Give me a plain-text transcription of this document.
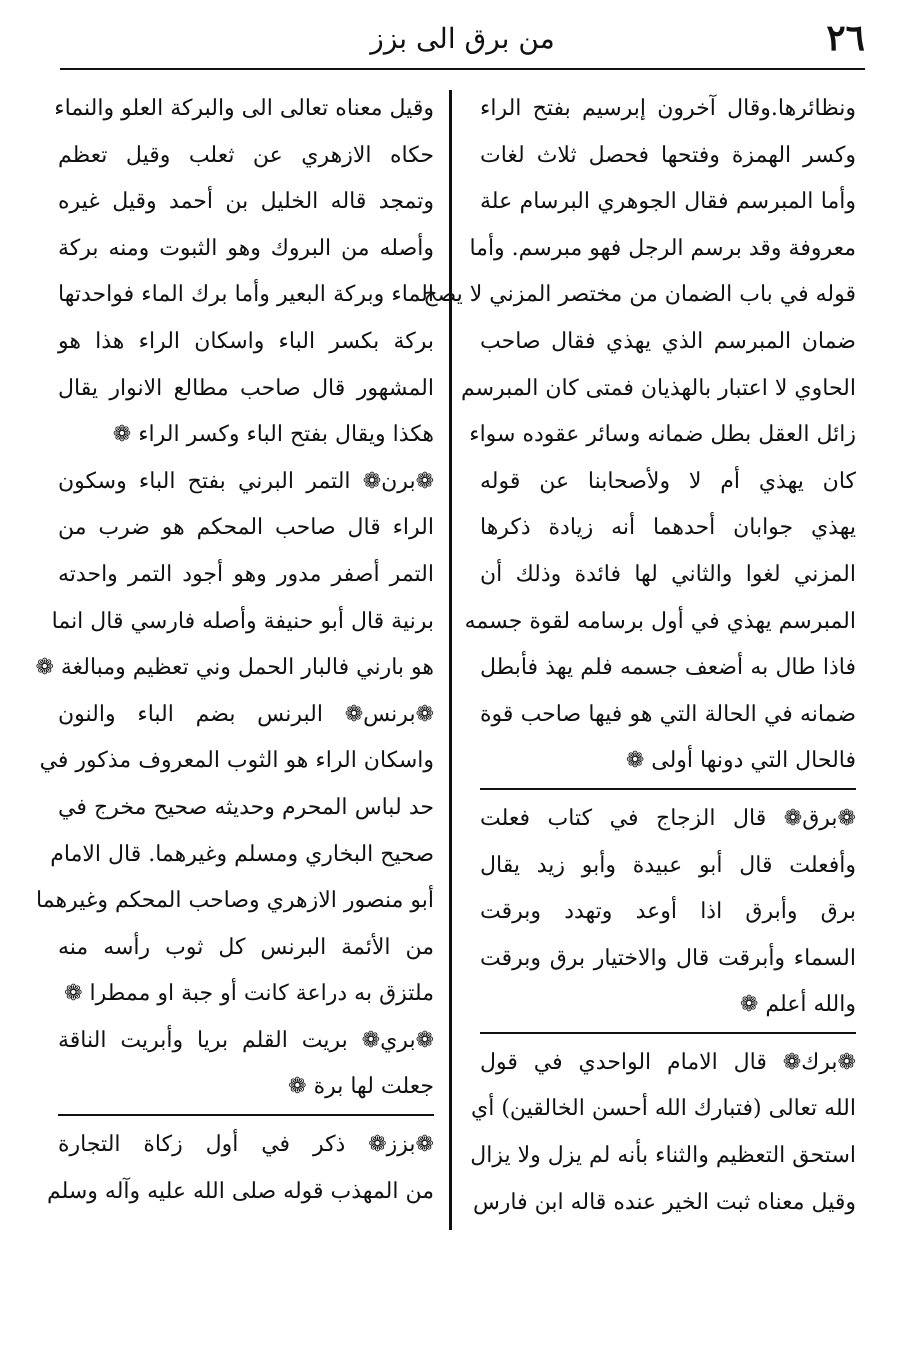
٢٦
من برق الى بزز
ونظائرها.وقال آخرون إبرسيم بفتح الراء
وكسر الهمزة وفتحها فحصل ثلاث لغات
وأما المبرسم فقال الجوهري البرسام علة
معروفة وقد برسم الرجل فهو مبرسم. وأما
قوله في باب الضمان من مختصر المزني لا يصح
ضمان المبرسم الذي يهذي فقال صاحب
الحاوي لا اعتبار بالهذيان فمتى كان المبرسم
زائل العقل بطل ضمانه وسائر عقوده سواء
كان يهذي أم لا ولأصحابنا عن قوله
يهذي جوابان أحدهما أنه زيادة ذكرها
المزني لغوا والثاني لها فائدة وذلك أن
المبرسم يهذي في أول برسامه لقوة جسمه
فاذا طال به أضعف جسمه فلم يهذ فأبطل
ضمانه في الحالة التي هو فيها صاحب قوة
فالحال التي دونها أولى ❁
❁برق❁ قال الزجاج في كتاب فعلت
وأفعلت قال أبو عبيدة وأبو زيد يقال
برق وأبرق اذا أوعد وتهدد وبرقت
السماء وأبرقت قال والاختيار برق وبرقت
والله أعلم ❁
❁برك❁ قال الامام الواحدي في قول
الله تعالى (فتبارك الله أحسن الخالقين) أي
استحق التعظيم والثناء بأنه لم يزل ولا يزال
وقيل معناه ثبت الخير عنده قاله ابن فارس
وقيل معناه تعالى الى والبركة العلو والنماء
حكاه الازهري عن ثعلب وقيل تعظم
وتمجد قاله الخليل بن أحمد وقيل غيره
وأصله من البروك وهو الثبوت ومنه بركة
الماء وبركة البعير وأما برك الماء فواحدتها
بركة بكسر الباء واسكان الراء هذا هو
المشهور قال صاحب مطالع الانوار يقال
هكذا ويقال بفتح الباء وكسر الراء ❁
❁برن❁ التمر البرني بفتح الباء وسكون
الراء قال صاحب المحكم هو ضرب من
التمر أصفر مدور وهو أجود التمر واحدته
برنية قال أبو حنيفة وأصله فارسي قال انما
هو بارني فالبار الحمل وني تعظيم ومبالغة ❁
❁برنس❁ البرنس بضم الباء والنون
واسكان الراء هو الثوب المعروف مذكور في
حد لباس المحرم وحديثه صحيح مخرج في
صحيح البخاري ومسلم وغيرهما. قال الامام
أبو منصور الازهري وصاحب المحكم وغيرهما
من الأئمة البرنس كل ثوب رأسه منه
ملتزق به دراعة كانت أو جبة او ممطرا ❁
❁بري❁ بريت القلم بريا وأبريت الناقة
جعلت لها برة ❁
❁بزز❁ ذكر في أول زكاة التجارة
من المهذب قوله صلى الله عليه وآله وسلم
